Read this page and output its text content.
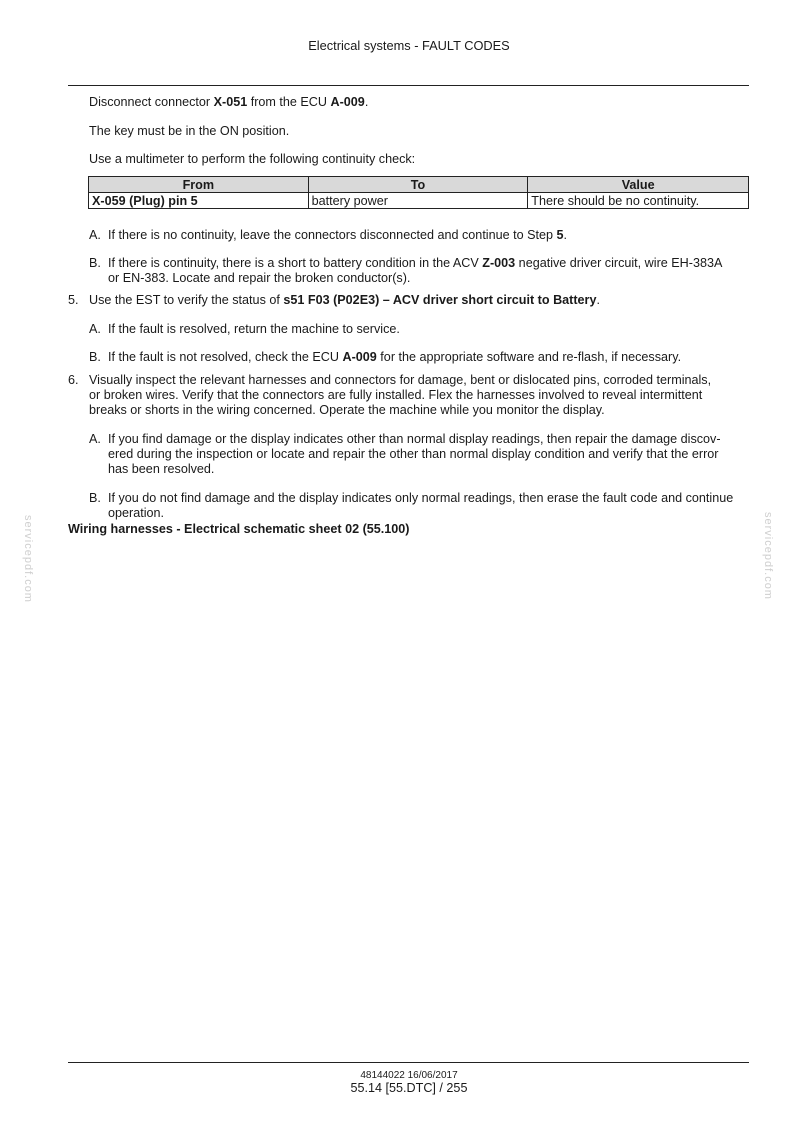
Electrical systems - FAULT CODES
Disconnect connector X-051 from the ECU A-009.
The key must be in the ON position.
Use a multimeter to perform the following continuity check:
From	To	Value
X-059 (Plug) pin 5	battery power	There should be no continuity.
A. If there is no continuity, leave the connectors disconnected and continue to Step 5.
B. If there is continuity, there is a short to battery condition in the ACV Z-003 negative driver circuit, wire EH-383A
or EN-383. Locate and repair the broken conductor(s).
5. Use the EST to verify the status of s51 F03 (P02E3) – ACV driver short circuit to Battery.
A. If the fault is resolved, return the machine to service.
B. If the fault is not resolved, check the ECU A-009 for the appropriate software and re-flash, if necessary.
6. Visually inspect the relevant harnesses and connectors for damage, bent or dislocated pins, corroded terminals,
or broken wires. Verify that the connectors are fully installed. Flex the harnesses involved to reveal intermittent
breaks or shorts in the wiring concerned. Operate the machine while you monitor the display.
A. If you find damage or the display indicates other than normal display readings, then repair the damage discov-
ered during the inspection or locate and repair the other than normal display condition and verify that the error
has been resolved.
B. If you do not find damage and the display indicates only normal readings, then erase the fault code and continue
operation.
Wiring harnesses - Electrical schematic sheet 02 (55.100)
servicepdf.com	servicepdf.com
48144022 16/06/2017
55.14 [55.DTC] / 255
